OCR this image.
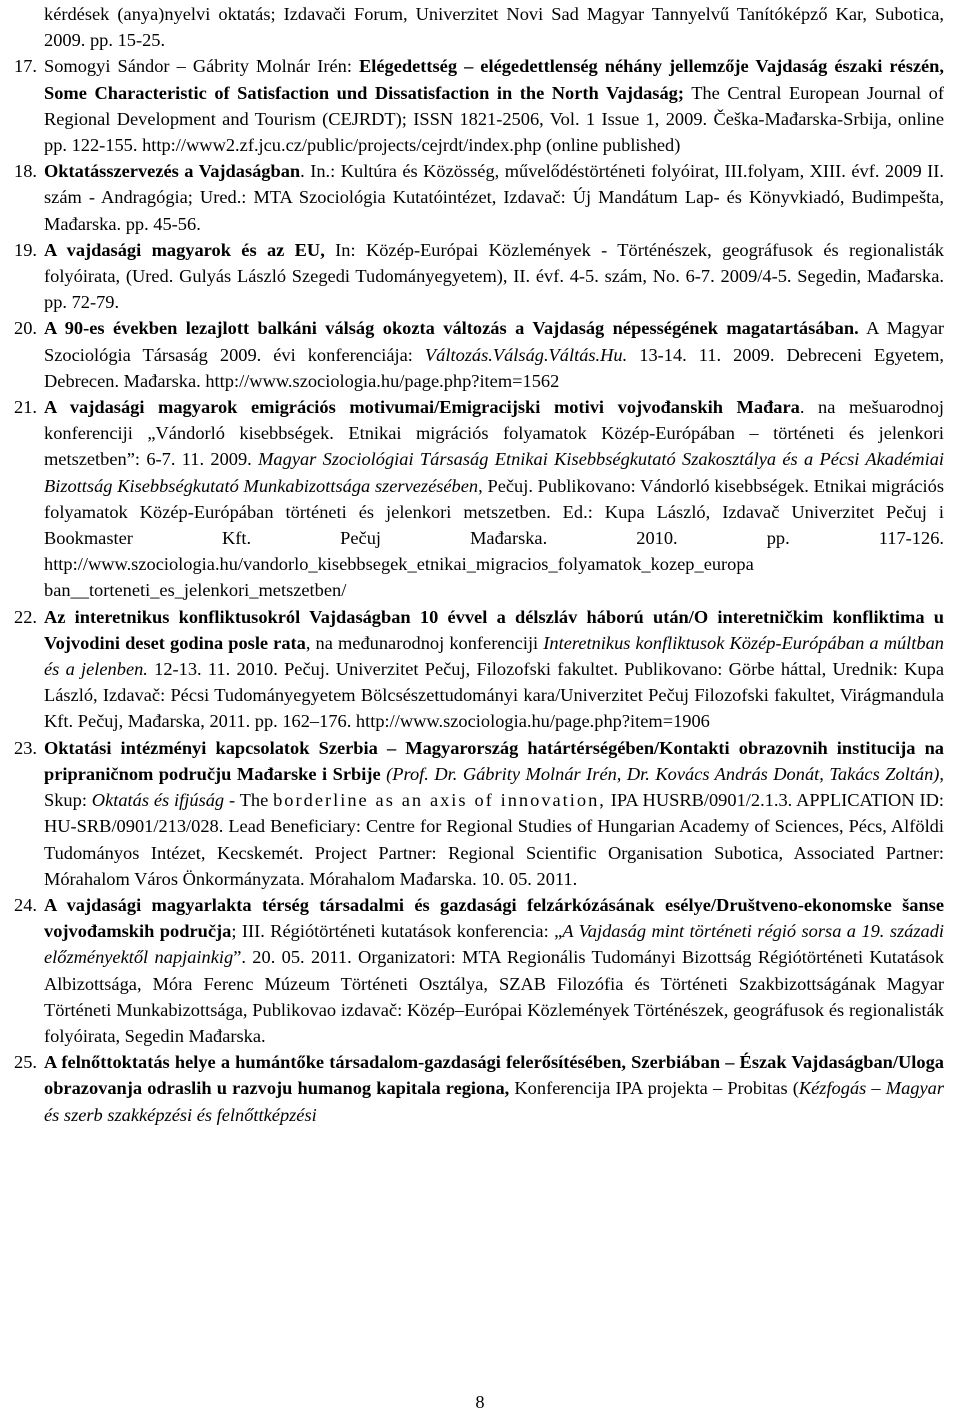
kérdések (anya)nyelvi oktatás; Izdavači Forum, Univerzitet Novi Sad Magyar Tannyelvű Tanítóképző Kar, Subotica, 2009. pp. 15-25.
17. Somogyi Sándor – Gábrity Molnár Irén: Elégedettség – elégedettlenség néhány jellemzője Vajdaság északi részén, Some Characteristic of Satisfaction und Dissatisfaction in the North Vajdaság; The Central European Journal of Regional Development and Tourism (CEJRDT); ISSN 1821-2506, Vol. 1 Issue 1, 2009. Češka-Mađarska-Srbija, online pp. 122-155. http://www2.zf.jcu.cz/public/projects/cejrdt/index.php (online published)
18. Oktatásszervezés a Vajdaságban. In.: Kultúra és Közösség, művelődéstörténeti folyóirat, III.folyam, XIII. évf. 2009 II. szám - Andragógia; Ured.: MTA Szociológia Kutatóintézet, Izdavač: Új Mandátum Lap- és Könyvkiadó, Budimpešta, Mađarska. pp. 45-56.
19. A vajdasági magyarok és az EU, In: Közép-Európai Közlemények - Történészek, geográfusok és regionalisták folyóirata, (Ured. Gulyás László Szegedi Tudományegyetem), II. évf. 4-5. szám, No. 6-7. 2009/4-5. Segedin, Mađarska. pp. 72-79.
20. A 90-es években lezajlott balkáni válság okozta változás a Vajdaság népességének magatartásában. A Magyar Szociológia Társaság 2009. évi konferenciája: Változás.Válság.Váltás.Hu. 13-14. 11. 2009. Debreceni Egyetem, Debrecen. Mađarska. http://www.szociologia.hu/page.php?item=1562
21. A vajdasági magyarok emigrációs motivumai/Emigracijski motivi vojvođanskih Mađara. na mešuarodnoj konferenciji „Vándorló kisebbségek. Etnikai migrációs folyamatok Közép-Európában – történeti és jelenkori metszetben”: 6-7. 11. 2009. Magyar Szociológiai Társaság Etnikai Kisebbségkutató Szakosztálya és a Pécsi Akadémiai Bizottság Kisebbségkutató Munkabizottsága szervezésében, Pečuj. Publikovano: Vándorló kisebbségek. Etnikai migrációs folyamatok Közép-Európában történeti és jelenkori metszetben. Ed.: Kupa László, Izdavač Univerzitet Pečuj i Bookmaster Kft. Pečuj Mađarska. 2010. pp. 117-126. http://www.szociologia.hu/vandorlo_kisebbsegek_etnikai_migracios_folyamatok_kozep_europa ban__torteneti_es_jelenkori_metszetben/
22. Az interetnikus konfliktusokról Vajdaságban 10 évvel a délszláv háború után/O interetničkim konfliktima u Vojvodini deset godina posle rata, na međunarodnoj konferenciji Interetnikus konfliktusok Közép-Európában a múltban és a jelenben. 12-13. 11. 2010. Pečuj. Univerzitet Pečuj, Filozofski fakultet. Publikovano: Görbe háttal, Urednik: Kupa László, Izdavač: Pécsi Tudományegyetem Bölcsészettudományi kara/Univerzitet Pečuj Filozofski fakultet, Virágmandula Kft. Pečuj, Mađarska, 2011. pp. 162–176. http://www.szociologia.hu/page.php?item=1906
23. Oktatási intézményi kapcsolatok Szerbia – Magyarország határtérségében/Kontakti obrazovnih institucija na pripraničnom području Mađarske i Srbije (Prof. Dr. Gábrity Molnár Irén, Dr. Kovács András Donát, Takács Zoltán), Skup: Oktatás és ifjúság - The borderline as an axis of innovation, IPA HUSRB/0901/2.1.3. APPLICATION ID: HU-SRB/0901/213/028. Lead Beneficiary: Centre for Regional Studies of Hungarian Academy of Sciences, Pécs, Alföldi Tudományos Intézet, Kecskemét. Project Partner: Regional Scientific Organisation Subotica, Associated Partner: Mórahalom Város Önkormányzata. Mórahalom Mađarska. 10. 05. 2011.
24. A vajdasági magyarlakta térség társadalmi és gazdasági felzárkózásának esélye/Društveno-ekonomske šanse vojvođamskih područja; III. Régiótörténeti kutatások konferencia: „A Vajdaság mint történeti régió sorsa a 19. századi előzményektől napjainkig”. 20. 05. 2011. Organizatori: MTA Regionális Tudományi Bizottság Régiótörténeti Kutatások Albizottsága, Móra Ferenc Múzeum Történeti Osztálya, SZAB Filozófia és Történeti Szakbizottságának Magyar Történeti Munkabizottsága, Publikovao izdavač: Közép–Európai Közlemények Történészek, geográfusok és regionalisták folyóirata, Segedin Mađarska.
25. A felnőttoktatás helye a humántőke társadalom-gazdasági felerősítésében, Szerbiában – Észak Vajdaságban/Uloga obrazovanja odraslih u razvoju humanog kapitala regiona, Konferencija IPA projekta – Probitas (Kézfogás – Magyar és szerb szakképzési és felnőttképzési
8
